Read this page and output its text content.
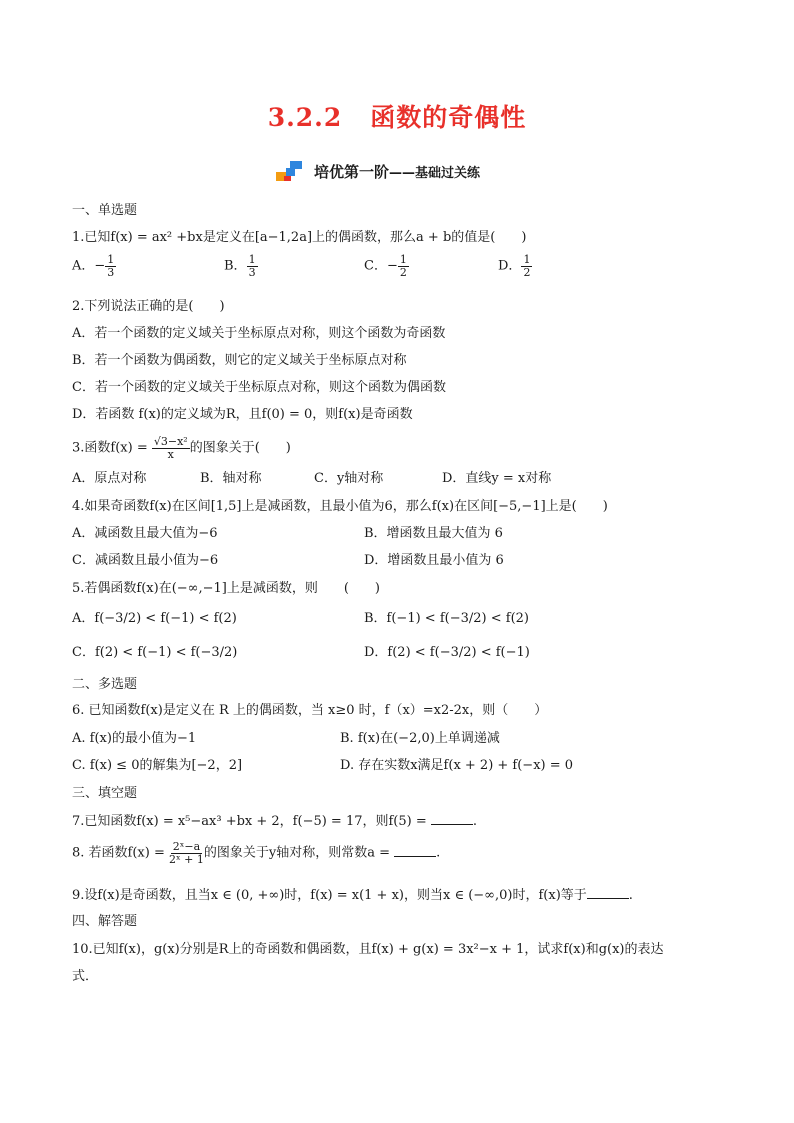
3.2.2 函数的奇偶性
培优第一阶 ——基础过关练
一、单选题
1.已知f(x) = ax² +bx是定义在[a−1,2a]上的偶函数，那么a + b的值是(　　)
A．− $\frac{1}{3}$	B． $\frac{1}{3}$	C．− $\frac{1}{2}$	D． $\frac{1}{2}$
2.下列说法正确的是(　　)
A．若一个函数的定义域关于坐标原点对称，则这个函数为奇函数
B．若一个函数为偶函数，则它的定义域关于坐标原点对称
C．若一个函数的定义域关于坐标原点对称，则这个函数为偶函数
D．若函数 f(x)的定义域为R，且f(0) = 0，则f(x)是奇函数
3.函数$f(x) = \frac{\text{√3−x²}}{x}$ 的图象关于(　　)
A．原点对称	B．轴对称	C．y轴对称	D．直线y = x对称
4.如果奇函数f(x)在区间[1,5]上是减函数，且最小值为6，那么f(x)在区间[−5,−1]上是(　　)
A．减函数且最大值为−6	B．增函数且最大值为 6
C．减函数且最小值为−6	D．增函数且最小值为 6
5.若偶函数f(x)在(−∞,−1]上是减函数，则　　(　　)
A．f(−3/2) < f(−1) < f(2)	B．f(−1) < f(−3/2) < f(2)
C．f(2) < f(−1) < f(−3/2)	D．f(2) < f(−3/2) < f(−1)
二、多选题
6. 已知函数f(x)是定义在 R 上的偶函数，当 x≥0 时，f（x）=x2-2x，则（　　）
A. f(x)的最小值为−1	B. f(x)在(−2,0)上单调递减
C. f(x) ≤ 0的解集为[−2，2]	D. 存在实数x满足f(x + 2) + f(−x) = 0
三、填空题
7.已知函数f(x) = x⁵−ax³ +bx + 2，f(−5) = 17，则f(5) =	.
8. 若函数$f(x) = \frac{\text{2ˣ−a}}{\text{2ˣ + 1}}$ 的图象关于y轴对称，则常数a =	.
9.设f(x)是奇函数，且当x ∈ (0, +∞)时，f(x) = x(1 + x)，则当x ∈ (−∞,0)时，f(x)等于	.
四、解答题
10.已知f(x)，g(x)分别是R上的奇函数和偶函数，且f(x) + g(x) = 3x²−x + 1，试求f(x)和g(x)的表达
式．
